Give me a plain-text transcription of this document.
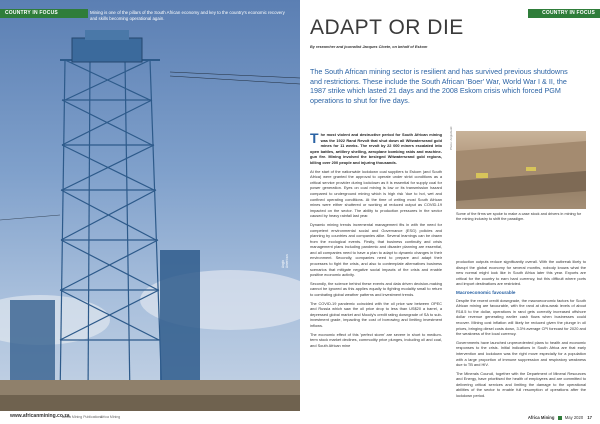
COUNTRY IN FOCUS	Mining is one of the pillars of the South African economy and key to the country's economic recovery and skills becoming operational again.
Anglo American
COUNTRY IN FOCUS
ADAPT OR DIE
By researcher and journalist Jacques Cloete, on behalf of Eskom
The South African mining sector is resilient and has survived previous shutdowns and restrictions. These include the South African 'Boer' War, World War I & II, the 1987 strike which lasted 21 days and the 2008 Eskom crisis which forced PGM operations to shut for five days.

The most violent and destructive period for South African mining was the 1922 Rand Revolt that shut down all Witwatersrand gold mines for 11 weeks. The revolt by 22 000 miners escalated into open battles, artillery shelling, aeroplane bombing raids and machine-gun fire. Mining involved the besieged Witwatersrand gold regions, killing over 200 people and injuring thousands.

At the start of the nationwide lockdown coal suppliers to Eskom (and South Africa) were granted the approval to operate under strict conditions as a critical service provider during lockdown as it is essential for supply coal for power generation. Eyes on coal mining is low or its transmission hazard compared to underground mining which is high risk 'due to hot, wet and confined operating conditions. At the time of writing most South African mines were either shuttered or working at reduced output as COVID-19 impacted on the sector. The ability to production pressures in the sector caused by heavy rainfall last year.

Dynamic mining trends incremental management fits in with the need for competent environmental social and Governance (ESG) policies and planning by countries and companies alike. Several learnings can be drawn from the ecological events. Firstly, that business continuity and crisis management plans including pandemic and disaster planning are essential, and all companies need to have a plan to adapt to dynamic changes in their environment. Secondly, companies need to prepare and adapt their processes to fight the crisis, and also to contemplate alternatives business scenarios that mitigate negative social impacts of the crisis and enable positive economic activity.

Secondly, the science behind these events and data driven decision-making cannot be ignored as this applies equally to fighting modality small to return to combating global weather patterns and investment trends.

The COVID-19 pandemic coincided with the oil price war between OPEC and Russia which saw the oil price drop to less than US$20 a barrel, a depressed global market and Moody's credit rating downgrade of SA to sub-investment grade, impacting the cost of borrowing and limiting investment inflows.

The economic effect of this 'perfect storm' are severe in short to medium-term stock market declines, commodity price plunges, including oil and coal, and South African mine

Photo: AngloGold
Some of the firms we spoke to make a case stock and drivers in mining for the mining industry to shift the paradigm.

production outputs reduce significantly overall. With the outbreak likely to disrupt the global economy for several months, nobody knows what the new normal might look like in South Africa later this year. Exports are critical for the country to earn hard currency, but this difficult where ports and import destinations are restricted.

Macroeconomic favourable

Despite the recent credit downgrade, the macroeconomic factors for South African mining are favourable, with the rand at ultra-weak levels of about R18.5 to the dollar, operations in rand gets correctly increased offshore dollar revenue generating earlier cash flows when businesses could recover. Mining cost inflation will likely be reduced given the plunge in oil prices, bringing diesel costs down, 3.3% average CPI forecast for 2020 and the weakness of the local currency.

Governments have launched unprecedented plans to health and economic responses to the crisis. Initial indications in South Africa are that early intervention and lockdown was the right move especially for a population with a large proportion of immune suppression and respiratory weakness due to TB and HIV.

The Minerals Council, together with the Department of Mineral Resources and Energy, have prioritised the health of employees and are committed to delivering critical services and limiting the damage to the operational abilities of the sector to enable full resumption of operations after the lockdown period.

www.africanmining.co.za
Africa Mining Publications
Africa Mining	Africa Mining May 2020 17
